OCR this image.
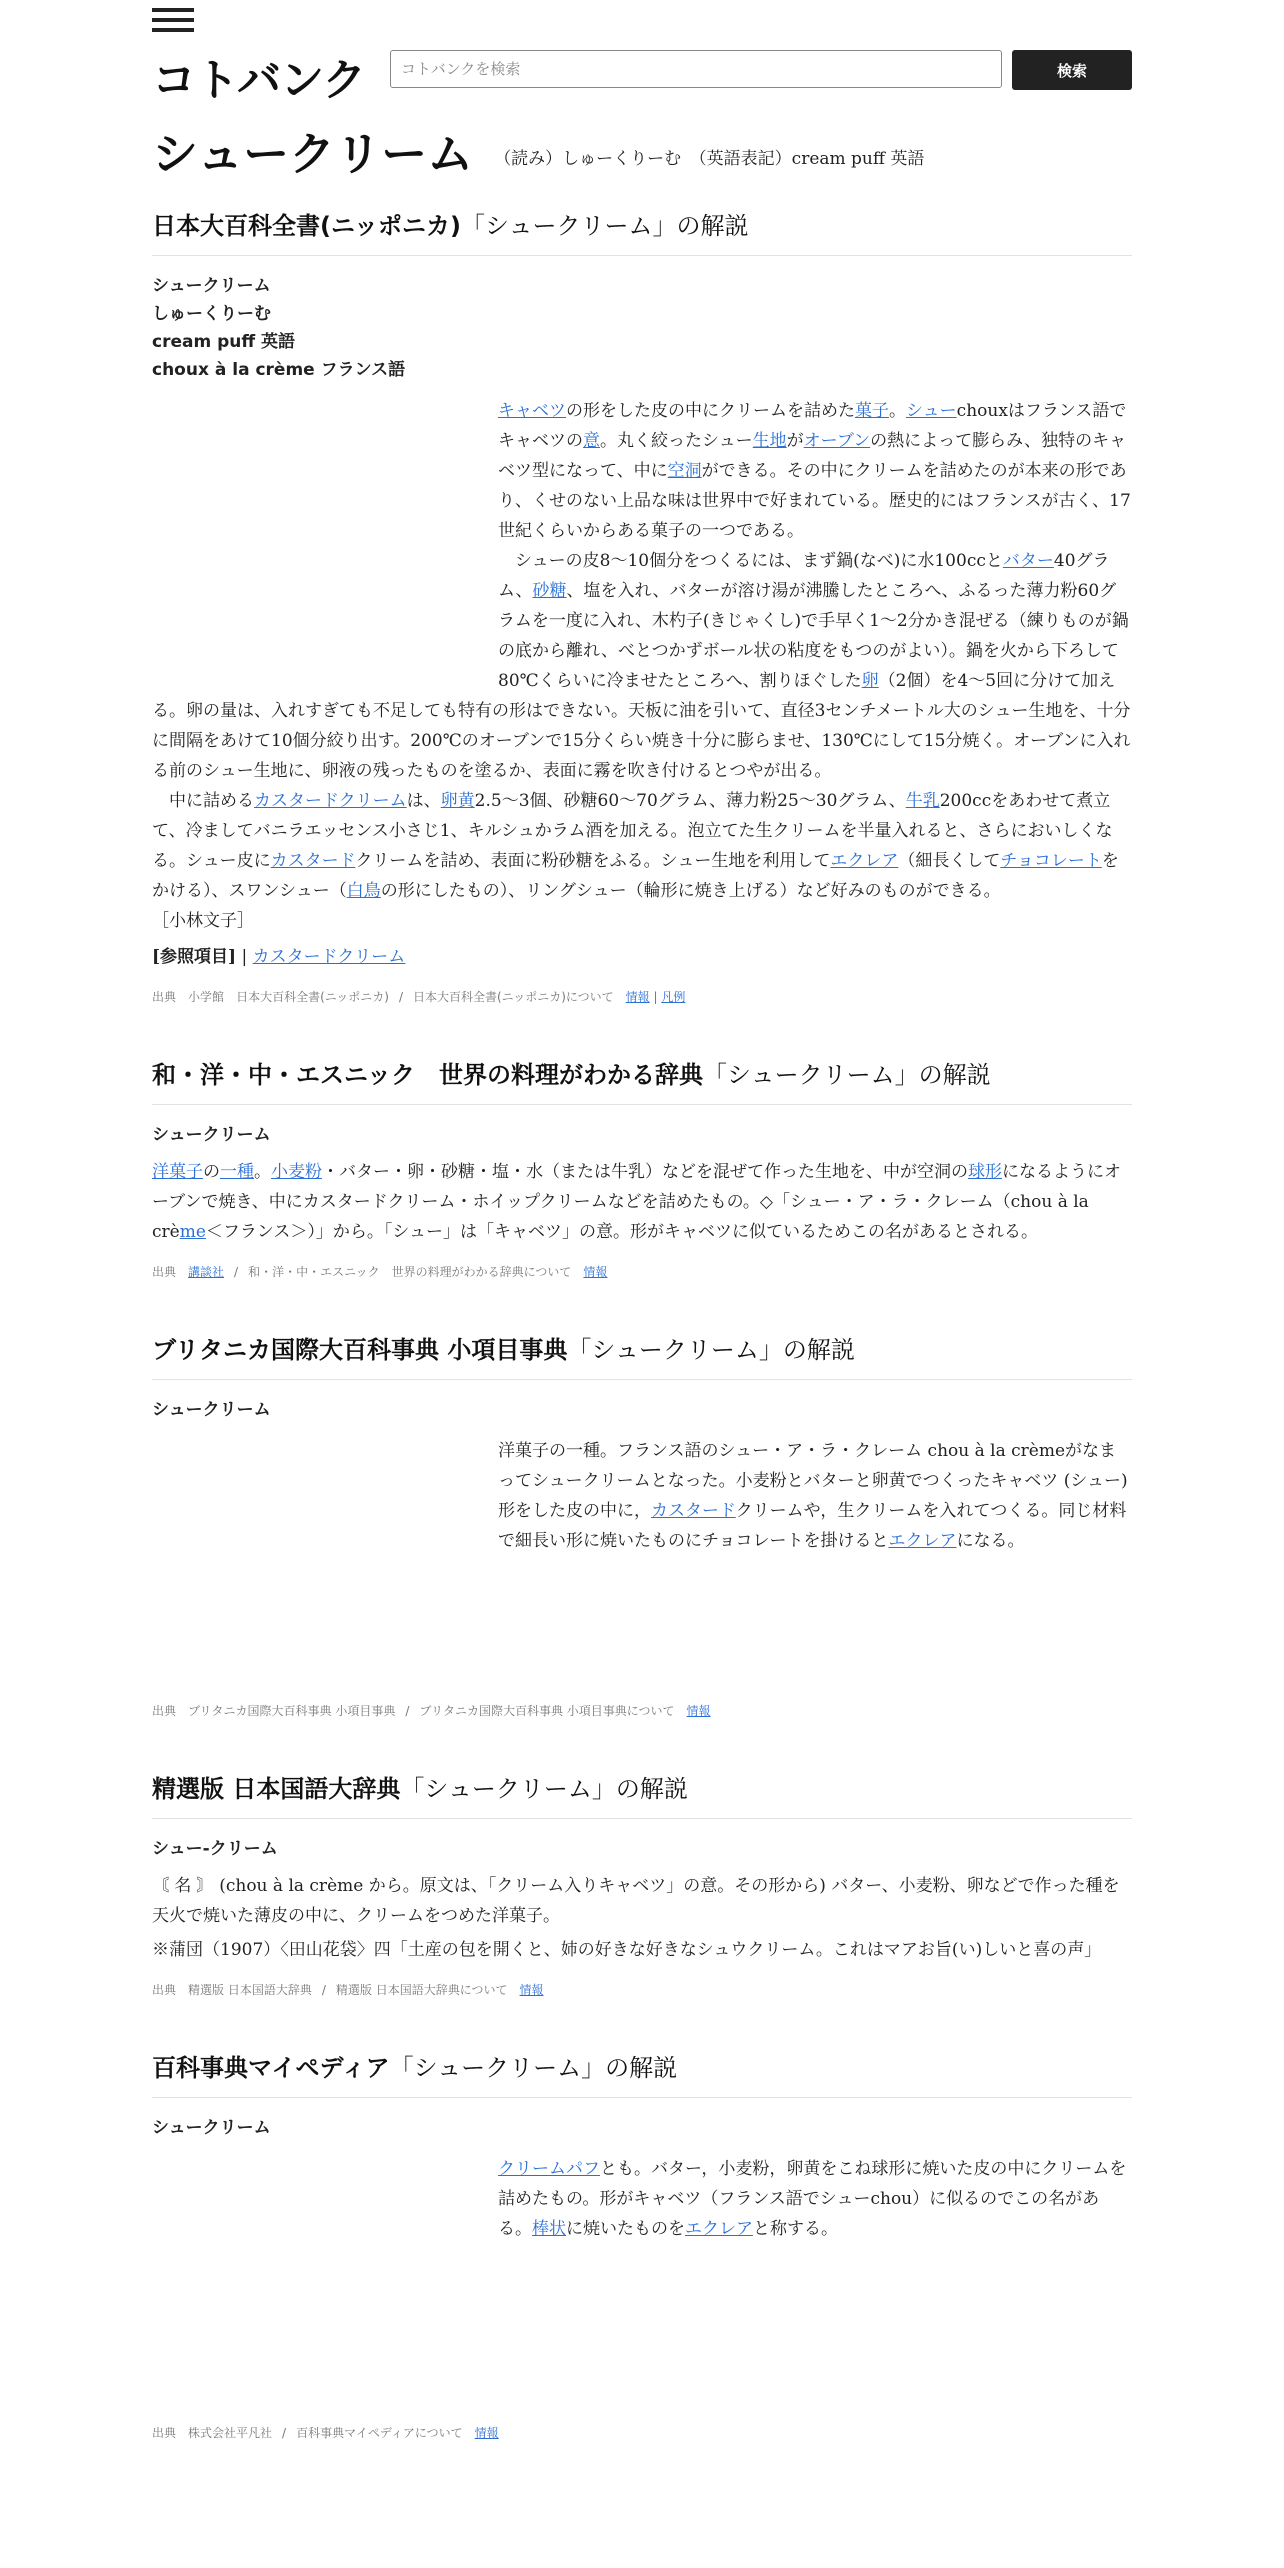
コトバンク
コトバンクを検索	検索
シュークリーム （読み）しゅーくりーむ　（英語表記）cream puff 英語
日本大百科全書(ニッポニカ)「シュークリーム」の解説
シュークリーム
しゅーくりーむ
cream puff 英語
choux à la crème フランス語

キャベツの形をした皮の中にクリームを詰めた菓子。シューchouxはフランス語でキャベツの意。丸く絞ったシュー生地がオーブンの熱によって膨らみ、独特のキャベツ型になって、中に空洞ができる。その中にクリームを詰めたのが本来の形であり、くせのない上品な味は世界中で好まれている。歴史的にはフランスが古く、17世紀くらいからある菓子の一つである。

　シューの皮8～10個分をつくるには、まず鍋(なべ)に水100ccとバター40グラム、砂糖、塩を入れ、バターが溶け湯が沸騰したところへ、ふるった薄力粉60グラムを一度に入れ、木杓子(きじゃくし)で手早く1～2分かき混ぜる（練りものが鍋の底から離れ、べとつかずボール状の粘度をもつのがよい）。鍋を火から下ろして80℃くらいに冷ませたところへ、割りほぐした卵（2個）を4～5回に分けて加える。卵の量は、入れすぎても不足しても特有の形はできない。天板に油を引いて、直径3センチメートル大のシュー生地を、十分に間隔をあけて10個分絞り出す。200℃のオーブンで15分くらい焼き十分に膨らませ、130℃にして15分焼く。オーブンに入れる前のシュー生地に、卵液の残ったものを塗るか、表面に霧を吹き付けるとつやが出る。

　中に詰めるカスタードクリームは、卵黄2.5～3個、砂糖60～70グラム、薄力粉25～30グラム、牛乳200ccをあわせて煮立て、冷ましてバニラエッセンス小さじ1、キルシュかラム酒を加える。泡立てた生クリームを半量入れると、さらにおいしくなる。シュー皮にカスタードクリームを詰め、表面に粉砂糖をふる。シュー生地を利用してエクレア（細長くしてチョコレートをかける）、スワンシュー（白鳥の形にしたもの）、リングシュー（輪形に焼き上げる）など好みのものができる。

［小林文子］

[参照項目] | カスタードクリーム
出典　 小学館　 日本大百科全書(ニッポニカ) / 日本大百科全書(ニッポニカ)について　 情報 | 凡例
和・洋・中・エスニック　世界の料理がわかる辞典「シュークリーム」の解説
シュークリーム

洋菓子の一種。小麦粉・バター・卵・砂糖・塩・水（または牛乳）などを混ぜて作った生地を、中が空洞の球形になるようにオーブンで焼き、中にカスタードクリーム・ホイップクリームなどを詰めたもの。◇「シュー・ア・ラ・クレーム（chou à la crème＜フランス＞）」から。「シュー」は「キャベツ」の意。形がキャベツに似ているためこの名があるとされる。

出典　 講談社 / 和・洋・中・エスニック　世界の料理がわかる辞典について　 情報
ブリタニカ国際大百科事典 小項目事典「シュークリーム」の解説
シュークリーム

洋菓子の一種。フランス語のシュー・ア・ラ・クレーム chou à la crèmeがなまってシュークリームとなった。小麦粉とバターと卵黄でつくったキャベツ (シュー) 形をした皮の中に，カスタードクリームや，生クリームを入れてつくる。同じ材料で細長い形に焼いたものにチョコレートを掛けるとエクレアになる。

出典　 ブリタニカ国際大百科事典 小項目事典 / ブリタニカ国際大百科事典 小項目事典について　 情報
精選版 日本国語大辞典「シュークリーム」の解説
シュー‐クリーム

〘 名 〙 (chou à la crème から。原文は、「クリーム入りキャベツ」の意。その形から) バター、小麦粉、卵などで作った種を天火で焼いた薄皮の中に、クリームをつめた洋菓子。

※蒲団（1907）〈田山花袋〉四「土産の包を開くと、姉の好きな好きなシュウクリーム。これはマアお旨(い)しいと喜の声」

出典　 精選版 日本国語大辞典 / 精選版 日本国語大辞典について　 情報
百科事典マイペディア「シュークリーム」の解説
シュークリーム

クリームパフとも。バター，小麦粉，卵黄をこね球形に焼いた皮の中にクリームを詰めたもの。形がキャベツ（フランス語でシューchou）に似るのでこの名がある。棒状に焼いたものをエクレアと称する。

出典　 株式会社平凡社 / 百科事典マイペディアについて　 情報
